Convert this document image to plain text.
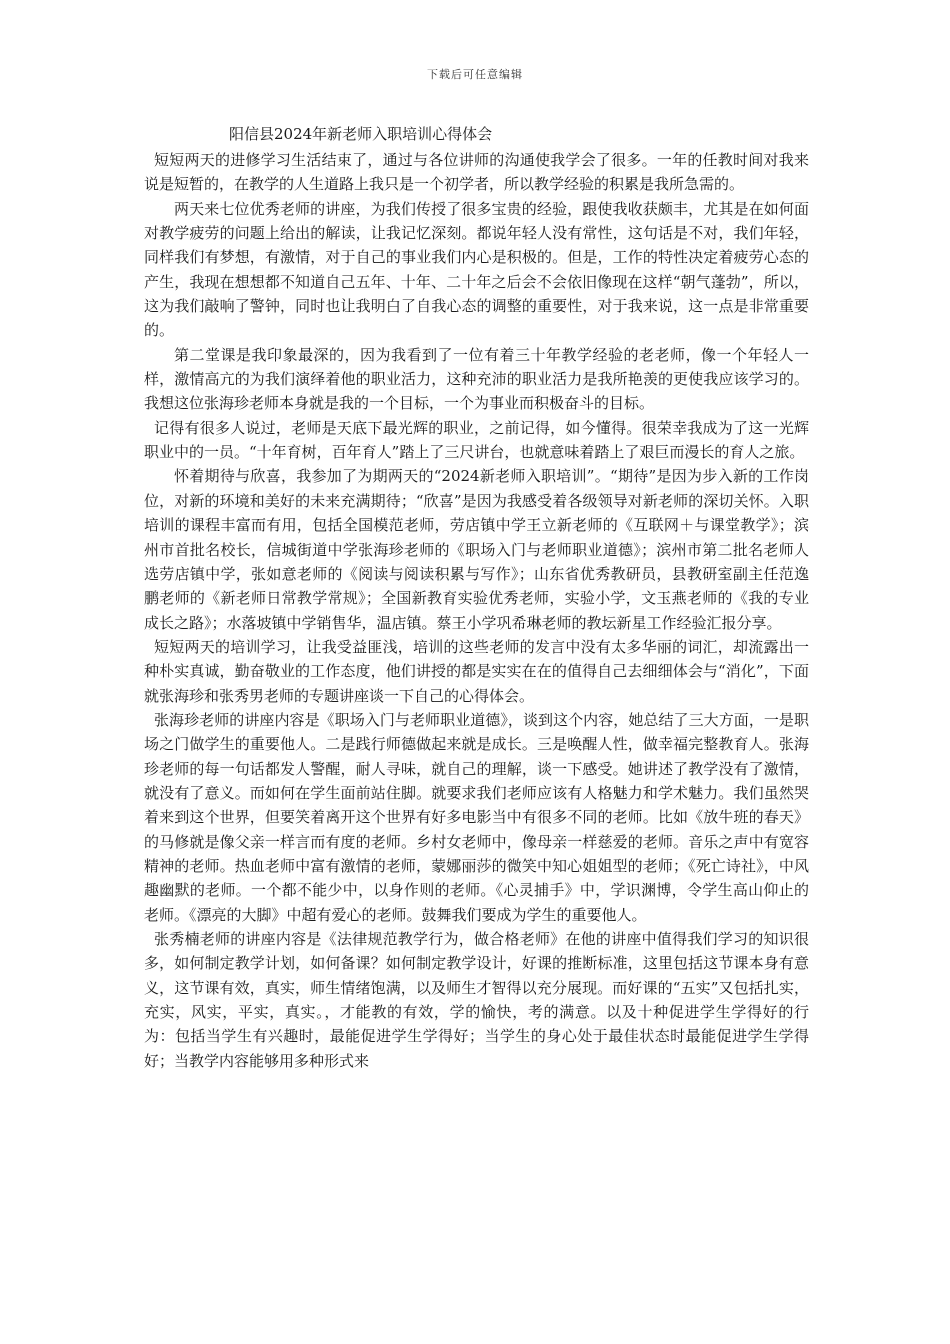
下载后可任意编辑
阳信县2024年新老师入职培训心得体会

短短两天的进修学习生活结束了，通过与各位讲师的沟通使我学会了很多。一年的任教时间对我来说是短暂的，在教学的人生道路上我只是一个初学者，所以教学经验的积累是我所急需的。

两天来七位优秀老师的讲座，为我们传授了很多宝贵的经验，跟使我收获颇丰，尤其是在如何面对教学疲劳的问题上给出的解读，让我记忆深刻。都说年轻人没有常性，这句话是不对，我们年轻，同样我们有梦想，有激情，对于自己的事业我们内心是积极的。但是，工作的特性决定着疲劳心态的产生，我现在想想都不知道自己五年、十年、二十年之后会不会依旧像现在这样“朝气蓬勃”，所以，这为我们敲响了警钟，同时也让我明白了自我心态的调整的重要性，对于我来说，这一点是非常重要的。

第二堂课是我印象最深的，因为我看到了一位有着三十年教学经验的老老师，像一个年轻人一样，激情高亢的为我们演绎着他的职业活力，这种充沛的职业活力是我所艳羡的更使我应该学习的。我想这位张海珍老师本身就是我的一个目标，一个为事业而积极奋斗的目标。

记得有很多人说过，老师是天底下最光辉的职业，之前记得，如今懂得。很荣幸我成为了这一光辉职业中的一员。“十年育树，百年育人”踏上了三尺讲台，也就意味着踏上了艰巨而漫长的育人之旅。

怀着期待与欣喜，我参加了为期两天的“2024新老师入职培训”。“期待”是因为步入新的工作岗位，对新的环境和美好的未来充满期待；“欣喜”是因为我感受着各级领导对新老师的深切关怀。入职培训的课程丰富而有用，包括全国模范老师，劳店镇中学王立新老师的《互联网＋与课堂教学》；滨州市首批名校长，信城街道中学张海珍老师的《职场入门与老师职业道德》；滨州市第二批名老师人选劳店镇中学，张如意老师的《阅读与阅读积累与写作》；山东省优秀教研员，县教研室副主任范逸鹏老师的《新老师日常教学常规》；全国新教育实验优秀老师，实验小学，文玉燕老师的《我的专业成长之路》；水落坡镇中学销售华，温店镇。蔡王小学巩希琳老师的教坛新星工作经验汇报分享。

短短两天的培训学习，让我受益匪浅，培训的这些老师的发言中没有太多华丽的词汇，却流露出一种朴实真诚，勤奋敬业的工作态度，他们讲授的都是实实在在的值得自己去细细体会与“消化”，下面就张海珍和张秀男老师的专题讲座谈一下自己的心得体会。

张海珍老师的讲座内容是《职场入门与老师职业道德》，谈到这个内容，她总结了三大方面，一是职场之门做学生的重要他人。二是践行师德做起来就是成长。三是唤醒人性，做幸福完整教育人。张海珍老师的每一句话都发人警醒，耐人寻味，就自己的理解，谈一下感受。她讲述了教学没有了激情，就没有了意义。而如何在学生面前站住脚。就要求我们老师应该有人格魅力和学术魅力。我们虽然哭着来到这个世界，但要笑着离开这个世界有好多电影当中有很多不同的老师。比如《放牛班的春天》的马修就是像父亲一样言而有度的老师。乡村女老师中，像母亲一样慈爱的老师。音乐之声中有宽容精神的老师。热血老师中富有激情的老师，蒙娜丽莎的微笑中知心姐姐型的老师；《死亡诗社》，中风趣幽默的老师。一个都不能少中，以身作则的老师。《心灵捕手》中，学识渊博，令学生高山仰止的老师。《漂亮的大脚》中超有爱心的老师。鼓舞我们要成为学生的重要他人。

张秀楠老师的讲座内容是《法律规范教学行为，做合格老师》在他的讲座中值得我们学习的知识很多，如何制定教学计划，如何备课？如何制定教学设计，好课的推断标准，这里包括这节课本身有意义，这节课有效，真实，师生情绪饱满，以及师生才智得以充分展现。而好课的“五实”又包括扎实，充实，风实，平实，真实。，才能教的有效，学的愉快，考的满意。以及十种促进学生学得好的行为：包括当学生有兴趣时，最能促进学生学得好；当学生的身心处于最佳状态时最能促进学生学得好；当教学内容能够用多种形式来
